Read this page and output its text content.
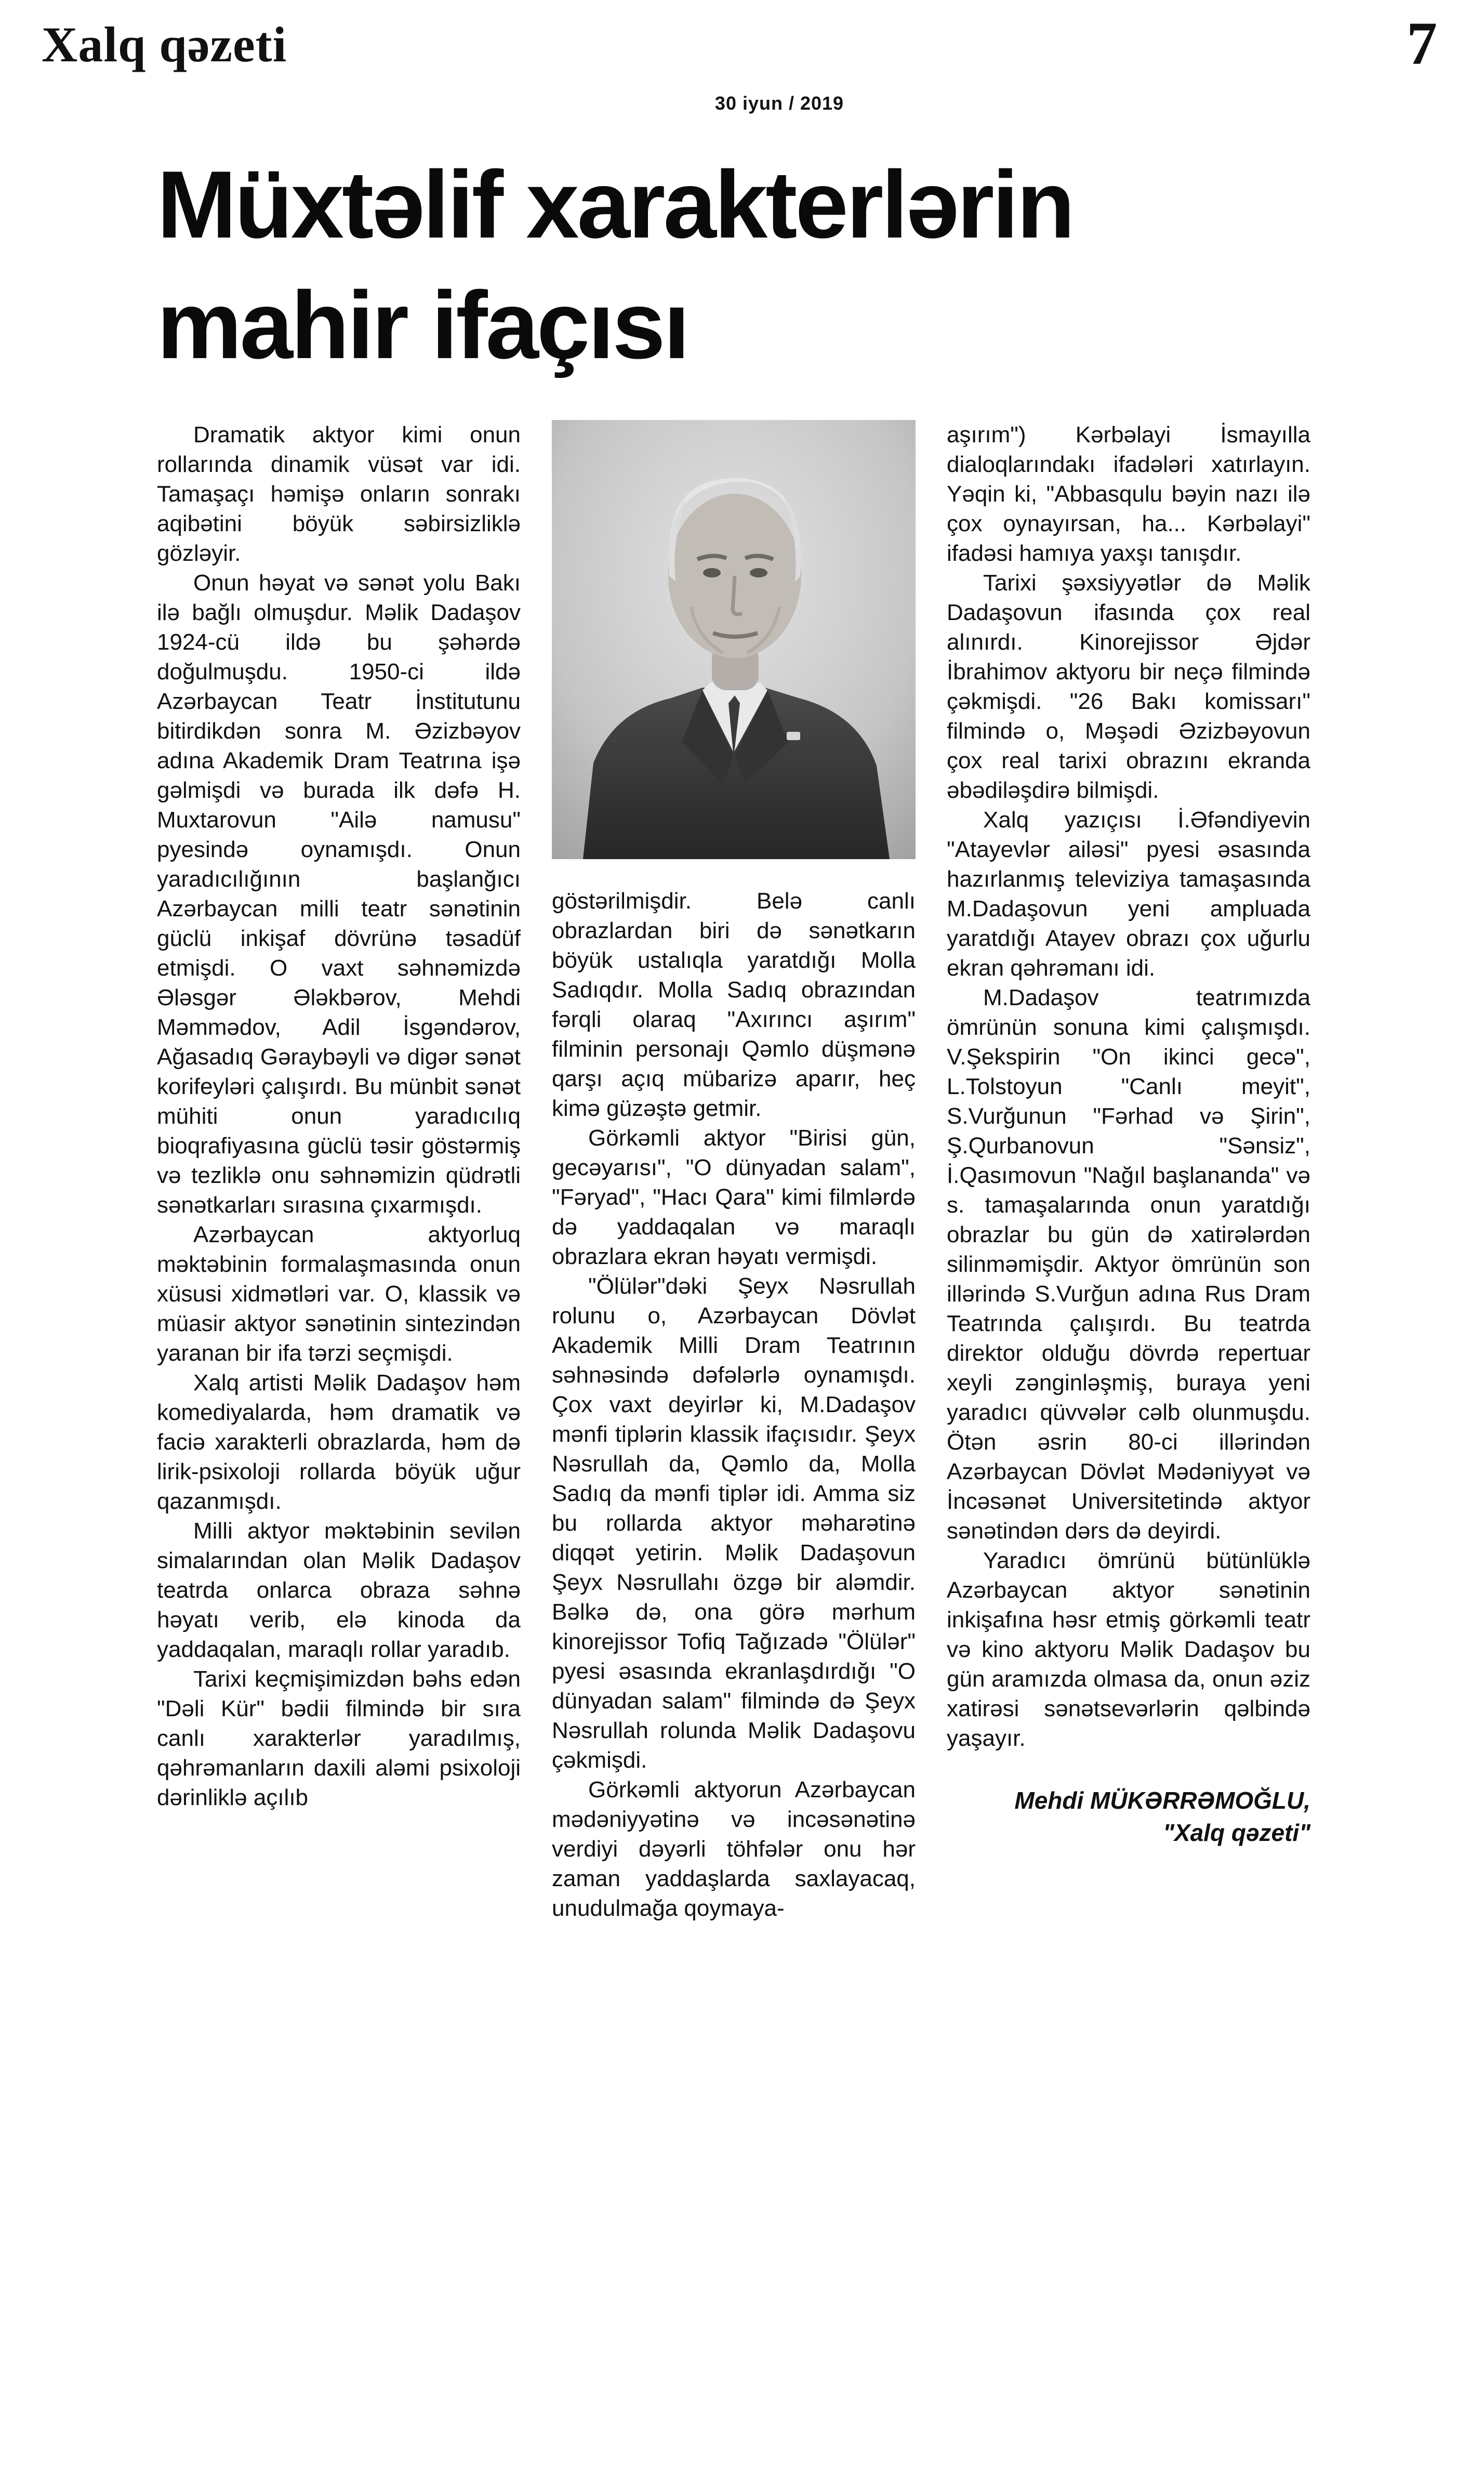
Xalq qəzeti
30 iyun / 2019
7
Müxtəlif xarakterlərin
mahir ifaçısı

Dramatik aktyor kimi onun rollarında dinamik vüsət var idi. Tamaşaçı həmişə onların sonrakı aqibətini böyük səbirsizliklə gözləyir.

Onun həyat və sənət yolu Bakı ilə bağlı olmuşdur. Məlik Dadaşov 1924-cü ildə bu şəhərdə doğulmuşdu. 1950-ci ildə Azərbaycan Teatr İnstitutunu bitirdikdən sonra M. Əzizbəyov adına Akademik Dram Teatrına işə gəlmişdi və burada ilk dəfə H. Muxtarovun "Ailə namusu" pyesində oynamışdı. Onun yaradıcılığının başlanğıcı Azərbaycan milli teatr sənətinin güclü inkişaf dövrünə təsadüf etmişdi. O vaxt səhnəmizdə Ələsgər Ələkbərov, Mehdi Məmmədov, Adil İsgəndərov, Ağasadıq Gəraybəyli və digər sənət korifeyləri çalışırdı. Bu münbit sənət mühiti onun yaradıcılıq bioqrafiyasına güclü təsir göstərmiş və tezliklə onu səhnəmizin qüdrətli sənətkarları sırasına çıxarmışdı.

Azərbaycan aktyorluq məktəbinin formalaşmasında onun xüsusi xidmətləri var. O, klassik və müasir aktyor sənətinin sintezindən yaranan bir ifa tərzi seçmişdi.

Xalq artisti Məlik Dadaşov həm komediyalarda, həm dramatik və faciə xarakterli obrazlarda, həm də lirik-psixoloji rollarda böyük uğur qazanmışdı.

Milli aktyor məktəbinin sevilən simalarından olan Məlik Dadaşov teatrda onlarca obraza səhnə həyatı verib, elə kinoda da yaddaqalan, maraqlı rollar yaradıb.

Tarixi keçmişimizdən bəhs edən "Dəli Kür" bədii filmində bir sıra canlı xarakterlər yaradılmış, qəhrəmanların daxili aləmi psixoloji dərinliklə açılıb

göstərilmişdir. Belə canlı obrazlardan biri də sənətkarın böyük ustalıqla yaratdığı Molla Sadıqdır. Molla Sadıq obrazından fərqli olaraq "Axırıncı aşırım" filminin personajı Qəmlo düşmənə qarşı açıq mübarizə aparır, heç kimə güzəştə getmir.

Görkəmli aktyor "Birisi gün, gecəyarısı", "O dünyadan salam", "Fəryad", "Hacı Qara" kimi filmlərdə də yaddaqalan və maraqlı obrazlara ekran həyatı vermişdi.

"Ölülər"dəki Şeyx Nəsrullah rolunu o, Azərbaycan Dövlət Akademik Milli Dram Teatrının səhnəsində dəfələrlə oynamışdı. Çox vaxt deyirlər ki, M.Dadaşov mənfi tiplərin klassik ifaçısıdır. Şeyx Nəsrullah da, Qəmlo da, Molla Sadıq da mənfi tiplər idi. Amma siz bu rollarda aktyor məharətinə diqqət yetirin. Məlik Dadaşovun Şeyx Nəsrullahı özgə bir aləmdir. Bəlkə də, ona görə mərhum kinorejissor Tofiq Tağızadə "Ölülər" pyesi əsasında ekranlaşdırdığı "O dünyadan salam" filmində də Şeyx Nəsrullah rolunda Məlik Dadaşovu çəkmişdi.

Görkəmli aktyorun Azərbaycan mədəniyyətinə və incəsənətinə verdiyi dəyərli töhfələr onu hər zaman yaddaşlarda saxlayacaq, unudulmağa qoymaya-

aşırım") Kərbəlayi İsmayılla dialoqlarındakı ifadələri xatırlayın. Yəqin ki, "Abbasqulu bəyin nazı ilə çox oynayırsan, ha... Kərbəlayi" ifadəsi hamıya yaxşı tanışdır.

Tarixi şəxsiyyətlər də Məlik Dadaşovun ifasında çox real alınırdı. Kinorejissor Əjdər İbrahimov aktyoru bir neçə filmində çəkmişdi. "26 Bakı komissarı" filmində o, Məşədi Əzizbəyovun çox real tarixi obrazını ekranda əbədiləşdirə bilmişdi.

Xalq yazıçısı İ.Əfəndiyevin "Atayevlər ailəsi" pyesi əsasında hazırlanmış televiziya tamaşasında M.Dadaşovun yeni ampluada yaratdığı Atayev obrazı çox uğurlu ekran qəhrəmanı idi.

M.Dadaşov teatrımızda ömrünün sonuna kimi çalışmışdı. V.Şekspirin "On ikinci gecə", L.Tolstoyun "Canlı meyit", S.Vurğunun "Fərhad və Şirin", Ş.Qurbanovun "Sənsiz", İ.Qasımovun "Nağıl başlananda" və s. tamaşalarında onun yaratdığı obrazlar bu gün də xatirələrdən silinməmişdir. Aktyor ömrünün son illərində S.Vurğun adına Rus Dram Teatrında çalışırdı. Bu teatrda direktor olduğu dövrdə repertuar xeyli zənginləşmiş, buraya yeni yaradıcı qüvvələr cəlb olunmuşdu. Ötən əsrin 80-ci illərindən Azərbaycan Dövlət Mədəniyyət və İncəsənət Universitetində aktyor sənətindən dərs də deyirdi.

Yaradıcı ömrünü bütünlüklə Azərbaycan aktyor sənətinin inkişafına həsr etmiş görkəmli teatr və kino aktyoru Məlik Dadaşov bu gün aramızda olmasa da, onun əziz xatirəsi sənətsevərlərin qəlbində yaşayır.

Mehdi MÜKƏRRƏMOĞLU,
"Xalq qəzeti"
